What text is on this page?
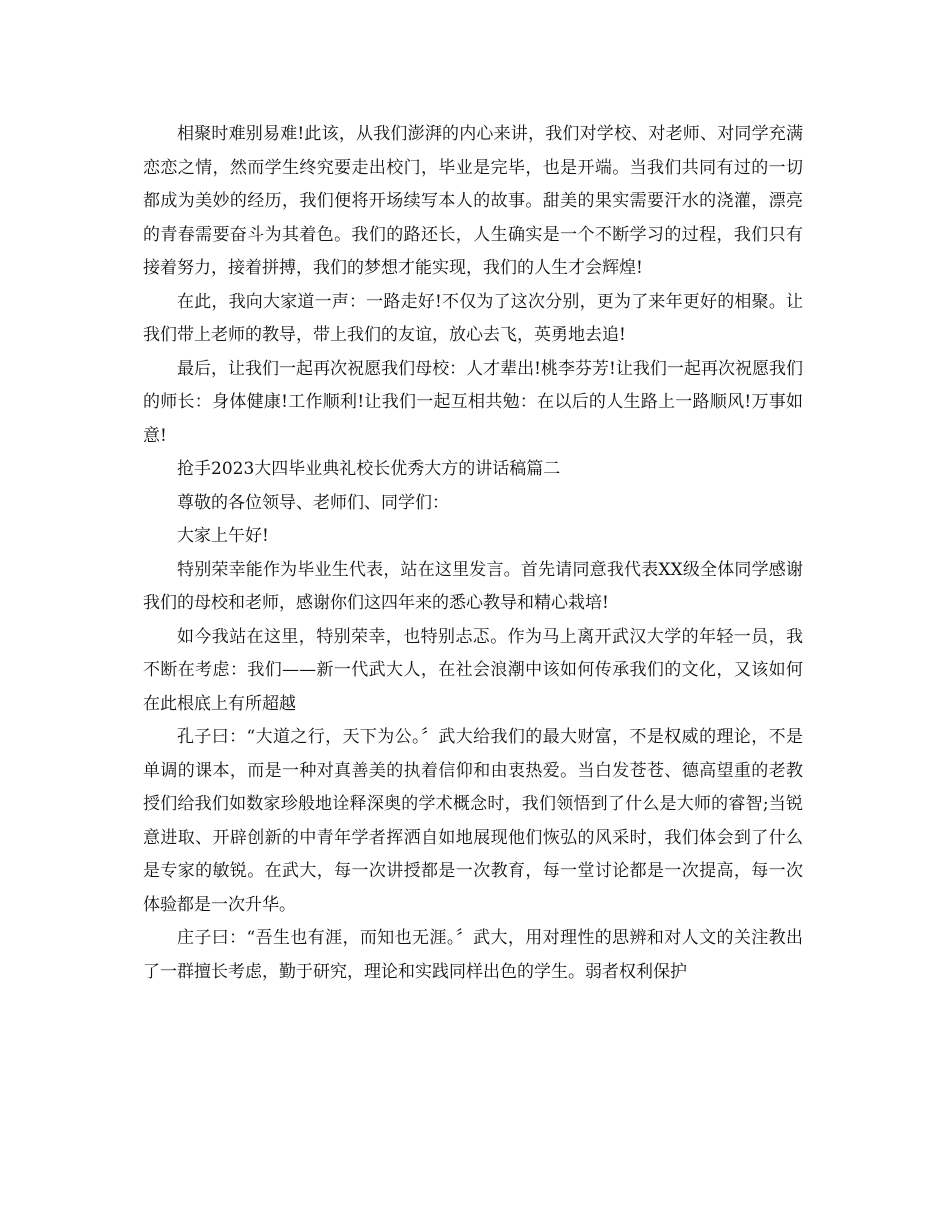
相聚时难别易难!此该，从我们澎湃的内心来讲，我们对学校、对老师、对同学充满恋恋之情，然而学生终究要走出校门，毕业是完毕，也是开端。当我们共同有过的一切都成为美妙的经历，我们便将开场续写本人的故事。甜美的果实需要汗水的浇灌，漂亮的青春需要奋斗为其着色。我们的路还长，人生确实是一个不断学习的过程，我们只有接着努力，接着拼搏，我们的梦想才能实现，我们的人生才会辉煌!

在此，我向大家道一声：一路走好!不仅为了这次分别，更为了来年更好的相聚。让我们带上老师的教导，带上我们的友谊，放心去飞，英勇地去追!

最后，让我们一起再次祝愿我们母校：人才辈出!桃李芬芳!让我们一起再次祝愿我们的师长：身体健康!工作顺利!让我们一起互相共勉：在以后的人生路上一路顺风!万事如意!

抢手2023大四毕业典礼校长优秀大方的讲话稿篇二

尊敬的各位领导、老师们、同学们：

大家上午好!

特别荣幸能作为毕业生代表，站在这里发言。首先请同意我代表XX级全体同学感谢我们的母校和老师，感谢你们这四年来的悉心教导和精心栽培!

如今我站在这里，特别荣幸，也特别忐忑。作为马上离开武汉大学的年轻一员，我不断在考虑：我们——新一代武大人，在社会浪潮中该如何传承我们的文化，又该如何在此根底上有所超越

孔子曰：“大道之行，天下为公。〞武大给我们的最大财富，不是权威的理论，不是单调的课本，而是一种对真善美的执着信仰和由衷热爱。当白发苍苍、德高望重的老教授们给我们如数家珍般地诠释深奥的学术概念时，我们领悟到了什么是大师的睿智;当锐意进取、开辟创新的中青年学者挥洒自如地展现他们恢弘的风采时，我们体会到了什么是专家的敏锐。在武大，每一次讲授都是一次教育，每一堂讨论都是一次提高，每一次体验都是一次升华。

庄子曰：“吾生也有涯，而知也无涯。〞武大，用对理性的思辨和对人文的关注教出了一群擅长考虑，勤于研究，理论和实践同样出色的学生。弱者权利保护
